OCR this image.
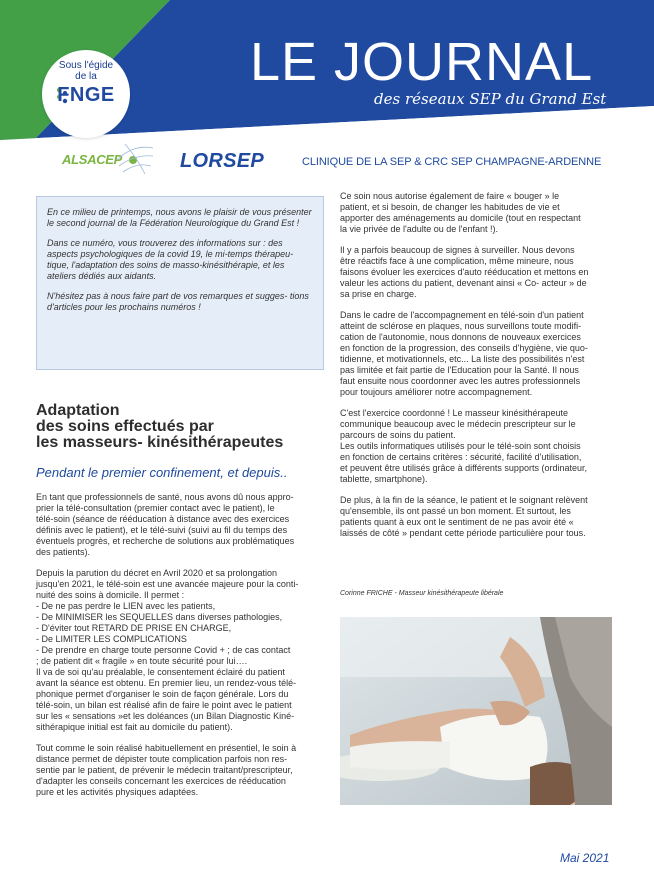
Sous l'égide
de la
FNGE
LE JOURNAL
des réseaux SEP du Grand Est
ALSACEP	LORSEP	CLINIQUE DE LA SEP & CRC SEP CHAMPAGNE-ARDENNE

En ce milieu de printemps, nous avons le plaisir de vous présenter le second journal de la Fédération Neurologique du Grand Est !

Dans ce numéro, vous trouverez des informations sur : des aspects psychologiques de la covid 19, le mi-temps thérapeu- tique, l'adaptation des soins de masso-kinésithérapie, et les ateliers dédiés aux aidants.

N'hésitez pas à nous faire part de vos remarques et sugges- tions d'articles pour les prochains numéros !

Adaptation
des soins effectués par
les masseurs- kinésithérapeutes
Pendant le premier confinement, et depuis..

En tant que professionnels de santé, nous avons dû nous appro-
prier la télé-consultation (premier contact avec le patient), le
télé-soin (séance de rééducation à distance avec des exercices
définis avec le patient), et le télé-suivi (suivi au fil du temps des
éventuels progrès, et recherche de solutions aux problématiques
des patients).

Depuis la parution du décret en Avril 2020 et sa prolongation
jusqu'en 2021, le télé-soin est une avancée majeure pour la conti-
nuité des soins à domicile. Il permet :
- De ne pas perdre le LIEN avec les patients,
- De MINIMISER les SEQUELLES dans diverses pathologies,
- D'éviter tout RETARD DE PRISE EN CHARGE,
- De LIMITER LES COMPLICATIONS
- De prendre en charge toute personne Covid + ; de cas contact
; de patient dit « fragile » en toute sécurité pour lui….
Il va de soi qu'au préalable, le consentement éclairé du patient
avant la séance est obtenu. En premier lieu, un rendez-vous télé-
phonique permet d'organiser le soin de façon générale. Lors du
télé-soin, un bilan est réalisé afin de faire le point avec le patient
sur les « sensations »et les doléances (un Bilan Diagnostic Kiné-
sithérapique initial est fait au domicile du patient).

Tout comme le soin réalisé habituellement en présentiel, le soin à
distance permet de dépister toute complication parfois non res-
sentie par le patient, de prévenir le médecin traitant/prescripteur,
d'adapter les conseils concernant les exercices de rééducation
pure et les activités physiques adaptées.

Ce soin nous autorise également de faire « bouger » le
patient, et si besoin, de changer les habitudes de vie et
apporter des aménagements au domicile (tout en respectant
la vie privée de l'adulte ou de l'enfant !).

Il y a parfois beaucoup de signes à surveiller. Nous devons
être réactifs face à une complication, même mineure, nous
faisons évoluer les exercices d'auto rééducation et mettons en
valeur les actions du patient, devenant ainsi « Co- acteur » de
sa prise en charge.

Dans le cadre de l'accompagnement en télé-soin d'un patient
atteint de sclérose en plaques, nous surveillons toute modifi-
cation de l'autonomie, nous donnons de nouveaux exercices
en fonction de la progression, des conseils d'hygiène, vie quo-
tidienne, et motivationnels, etc... La liste des possibilités n'est
pas limitée et fait partie de l'Education pour la Santé. Il nous
faut ensuite nous coordonner avec les autres professionnels
pour toujours améliorer notre accompagnement.

C'est l'exercice coordonné ! Le masseur kinésithérapeute
communique beaucoup avec le médecin prescripteur sur le
parcours de soins du patient.
Les outils informatiques utilisés pour le télé-soin sont choisis
en fonction de certains critères : sécurité, facilité d'utilisation,
et peuvent être utilisés grâce à différents supports (ordinateur,
tablette, smartphone).

De plus, à la fin de la séance, le patient et le soignant relèvent
qu'ensemble, ils ont passé un bon moment. Et surtout, les
patients quant à eux ont le sentiment de ne pas avoir été «
laissés de côté » pendant cette période particulière pour tous.

Corinne FRICHE - Masseur kinésithérapeute libérale
Mai 2021
